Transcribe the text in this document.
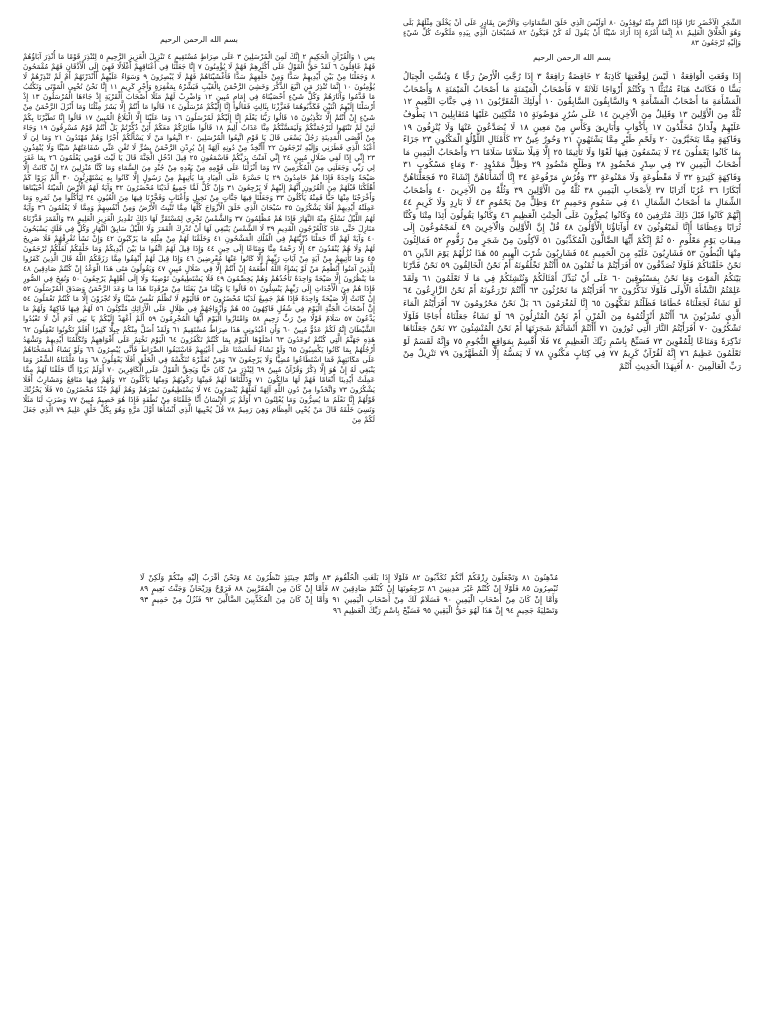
الشَّجَرِ الْأَخْضَرِ نَارًا فَإِذَا أَنْتُمْ مِنْهُ تُوقِدُونَ ٨٠ أَوَلَيْسَ الَّذِي خَلَقَ السَّمَاوَاتِ وَالْأَرْضَ بِقَادِرٍ عَلَى أَنْ يَخْلُقَ مِثْلَهُمْ بَلَى وَهُوَ الْخَلَّاقُ الْعَلِيمُ ٨١ إِنَّمَا أَمْرُهُ إِذَا أَرَادَ شَيْئًا أَنْ يَقُولَ لَهُ كُنْ فَيَكُونُ ٨٢ فَسُبْحَانَ الَّذِي بِيَدِهِ مَلَكُوتُ كُلِّ شَيْءٍ وَإِلَيْهِ تُرْجَعُونَ ٨٣

بسم الله الرحمن الرحيم

إِذَا وَقَعَتِ الْوَاقِعَةُ ١ لَيْسَ لِوَقْعَتِهَا كَاذِبَةٌ ٢ خَافِضَةٌ رَافِعَةٌ ٣ إِذَا رُجَّتِ الْأَرْضُ رَجًّا ٤ وَبُسَّتِ الْجِبَالُ بَسًّا ٥ فَكَانَتْ هَبَاءً مُنْبَثًّا ٦ وَكُنْتُمْ أَزْوَاجًا ثَلَاثَةً ٧ فَأَصْحَابُ الْمَيْمَنَةِ مَا أَصْحَابُ الْمَيْمَنَةِ ٨ وَأَصْحَابُ الْمَشْأَمَةِ مَا أَصْحَابُ الْمَشْأَمَةِ ٩ وَالسَّابِقُونَ السَّابِقُونَ ١٠ أُولَئِكَ الْمُقَرَّبُونَ ١١ فِي جَنَّاتِ النَّعِيمِ ١٢ ثُلَّةٌ مِنَ الْأَوَّلِينَ ١٣ وَقَلِيلٌ مِنَ الْآخِرِينَ ١٤ عَلَى سُرُرٍ مَوْضُونَةٍ ١٥ مُتَّكِئِينَ عَلَيْهَا مُتَقَابِلِينَ ١٦ يَطُوفُ عَلَيْهِمْ وِلْدَانٌ مُخَلَّدُونَ ١٧ بِأَكْوَابٍ وَأَبَارِيقَ وَكَأْسٍ مِنْ مَعِينٍ ١٨ لَا يُصَدَّعُونَ عَنْهَا وَلَا يُنْزِفُونَ ١٩ وَفَاكِهَةٍ مِمَّا يَتَخَيَّرُونَ ٢٠ وَلَحْمِ طَيْرٍ مِمَّا يَشْتَهُونَ ٢١ وَحُورٌ عِينٌ ٢٢ كَأَمْثَالِ اللُّؤْلُؤِ الْمَكْنُونِ ٢٣ جَزَاءً بِمَا كَانُوا يَعْمَلُونَ ٢٤ لَا يَسْمَعُونَ فِيهَا لَغْوًا وَلَا تَأْثِيمًا ٢٥ إِلَّا قِيلًا سَلَامًا سَلَامًا ٢٦ وَأَصْحَابُ الْيَمِينِ مَا أَصْحَابُ الْيَمِينِ ٢٧ فِي سِدْرٍ مَخْضُودٍ ٢٨ وَطَلْحٍ مَنْضُودٍ ٢٩ وَظِلٍّ مَمْدُودٍ ٣٠ وَمَاءٍ مَسْكُوبٍ ٣١ وَفَاكِهَةٍ كَثِيرَةٍ ٣٢ لَا مَقْطُوعَةٍ وَلَا مَمْنُوعَةٍ ٣٣ وَفُرُشٍ مَرْفُوعَةٍ ٣٤ إِنَّا أَنْشَأْنَاهُنَّ إِنْشَاءً ٣٥ فَجَعَلْنَاهُنَّ أَبْكَارًا ٣٦ عُرُبًا أَتْرَابًا ٣٧ لِأَصْحَابِ الْيَمِينِ ٣٨ ثُلَّةٌ مِنَ الْأَوَّلِينَ ٣٩ وَثُلَّةٌ مِنَ الْآخِرِينَ ٤٠ وَأَصْحَابُ الشِّمَالِ مَا أَصْحَابُ الشِّمَالِ ٤١ فِي سَمُومٍ وَحَمِيمٍ ٤٢ وَظِلٍّ مِنْ يَحْمُومٍ ٤٣ لَا بَارِدٍ وَلَا كَرِيمٍ ٤٤ إِنَّهُمْ كَانُوا قَبْلَ ذَلِكَ مُتْرَفِينَ ٤٥ وَكَانُوا يُصِرُّونَ عَلَى الْحِنْثِ الْعَظِيمِ ٤٦ وَكَانُوا يَقُولُونَ أَئِذَا مِتْنَا وَكُنَّا تُرَابًا وَعِظَامًا أَإِنَّا لَمَبْعُوثُونَ ٤٧ أَوَآبَاؤُنَا الْأَوَّلُونَ ٤٨ قُلْ إِنَّ الْأَوَّلِينَ وَالْآخِرِينَ ٤٩ لَمَجْمُوعُونَ إِلَى مِيقَاتِ يَوْمٍ مَعْلُومٍ ٥٠ ثُمَّ إِنَّكُمْ أَيُّهَا الضَّالُّونَ الْمُكَذِّبُونَ ٥١ لَآكِلُونَ مِنْ شَجَرٍ مِنْ زَقُّومٍ ٥٢ فَمَالِئُونَ مِنْهَا الْبُطُونَ ٥٣ فَشَارِبُونَ عَلَيْهِ مِنَ الْحَمِيمِ ٥٤ فَشَارِبُونَ شُرْبَ الْهِيمِ ٥٥ هَذَا نُزُلُهُمْ يَوْمَ الدِّينِ ٥٦ نَحْنُ خَلَقْنَاكُمْ فَلَوْلَا تُصَدِّقُونَ ٥٧ أَفَرَأَيْتُمْ مَا تُمْنُونَ ٥٨ أَأَنْتُمْ تَخْلُقُونَهُ أَمْ نَحْنُ الْخَالِقُونَ ٥٩ نَحْنُ قَدَّرْنَا بَيْنَكُمُ الْمَوْتَ وَمَا نَحْنُ بِمَسْبُوقِينَ ٦٠ عَلَى أَنْ نُبَدِّلَ أَمْثَالَكُمْ وَنُنْشِئَكُمْ فِي مَا لَا تَعْلَمُونَ ٦١ وَلَقَدْ عَلِمْتُمُ النَّشْأَةَ الْأُولَى فَلَوْلَا تَذَكَّرُونَ ٦٢ أَفَرَأَيْتُمْ مَا تَحْرُثُونَ ٦٣ أَأَنْتُمْ تَزْرَعُونَهُ أَمْ نَحْنُ الزَّارِعُونَ ٦٤ لَوْ نَشَاءُ لَجَعَلْنَاهُ حُطَامًا فَظَلْتُمْ تَفَكَّهُونَ ٦٥ إِنَّا لَمُغْرَمُونَ ٦٦ بَلْ نَحْنُ مَحْرُومُونَ ٦٧ أَفَرَأَيْتُمُ الْمَاءَ الَّذِي تَشْرَبُونَ ٦٨ أَأَنْتُمْ أَنْزَلْتُمُوهُ مِنَ الْمُزْنِ أَمْ نَحْنُ الْمُنْزِلُونَ ٦٩ لَوْ نَشَاءُ جَعَلْنَاهُ أُجَاجًا فَلَوْلَا تَشْكُرُونَ ٧٠ أَفَرَأَيْتُمُ النَّارَ الَّتِي تُورُونَ ٧١ أَأَنْتُمْ أَنْشَأْتُمْ شَجَرَتَهَا أَمْ نَحْنُ الْمُنْشِئُونَ ٧٢ نَحْنُ جَعَلْنَاهَا تَذْكِرَةً وَمَتَاعًا لِلْمُقْوِينَ ٧٣ فَسَبِّحْ بِاسْمِ رَبِّكَ الْعَظِيمِ ٧٤ فَلَا أُقْسِمُ بِمَوَاقِعِ النُّجُومِ ٧٥ وَإِنَّهُ لَقَسَمٌ لَوْ تَعْلَمُونَ عَظِيمٌ ٧٦ إِنَّهُ لَقُرْآنٌ كَرِيمٌ ٧٧ فِي كِتَابٍ مَكْنُونٍ ٧٨ لَا يَمَسُّهُ إِلَّا الْمُطَهَّرُونَ ٧٩ تَنْزِيلٌ مِنْ رَبِّ الْعَالَمِينَ ٨٠ أَفَبِهَذَا الْحَدِيثِ أَنْتُمْ

بسم الله الرحمن الرحيم

يس ١ وَالْقُرْآنِ الْحَكِيمِ ٢ إِنَّكَ لَمِنَ الْمُرْسَلِينَ ٣ عَلَى صِرَاطٍ مُسْتَقِيمٍ ٤ تَنْزِيلَ الْعَزِيزِ الرَّحِيمِ ٥ لِتُنْذِرَ قَوْمًا مَا أُنْذِرَ آبَاؤُهُمْ فَهُمْ غَافِلُونَ ٦ لَقَدْ حَقَّ الْقَوْلُ عَلَى أَكْثَرِهِمْ فَهُمْ لَا يُؤْمِنُونَ ٧ إِنَّا جَعَلْنَا فِي أَعْنَاقِهِمْ أَغْلَالًا فَهِيَ إِلَى الْأَذْقَانِ فَهُمْ مُقْمَحُونَ ٨ وَجَعَلْنَا مِنْ بَيْنِ أَيْدِيهِمْ سَدًّا وَمِنْ خَلْفِهِمْ سَدًّا فَأَغْشَيْنَاهُمْ فَهُمْ لَا يُبْصِرُونَ ٩ وَسَوَاءٌ عَلَيْهِمْ أَأَنْذَرْتَهُمْ أَمْ لَمْ تُنْذِرْهُمْ لَا يُؤْمِنُونَ ١٠ إِنَّمَا تُنْذِرُ مَنِ اتَّبَعَ الذِّكْرَ وَخَشِيَ الرَّحْمَنَ بِالْغَيْبِ فَبَشِّرْهُ بِمَغْفِرَةٍ وَأَجْرٍ كَرِيمٍ ١١ إِنَّا نَحْنُ نُحْيِي الْمَوْتَى وَنَكْتُبُ مَا قَدَّمُوا وَآثَارَهُمْ وَكُلَّ شَيْءٍ أَحْصَيْنَاهُ فِي إِمَامٍ مُبِينٍ ١٢ وَاضْرِبْ لَهُمْ مَثَلًا أَصْحَابَ الْقَرْيَةِ إِذْ جَاءَهَا الْمُرْسَلُونَ ١٣ إِذْ أَرْسَلْنَا إِلَيْهِمُ اثْنَيْنِ فَكَذَّبُوهُمَا فَعَزَّزْنَا بِثَالِثٍ فَقَالُوا إِنَّا إِلَيْكُمْ مُرْسَلُونَ ١٤ قَالُوا مَا أَنْتُمْ إِلَّا بَشَرٌ مِثْلُنَا وَمَا أَنْزَلَ الرَّحْمَنُ مِنْ شَيْءٍ إِنْ أَنْتُمْ إِلَّا تَكْذِبُونَ ١٥ قَالُوا رَبُّنَا يَعْلَمُ إِنَّا إِلَيْكُمْ لَمُرْسَلُونَ ١٦ وَمَا عَلَيْنَا إِلَّا الْبَلَاغُ الْمُبِينُ ١٧ قَالُوا إِنَّا تَطَيَّرْنَا بِكُمْ لَئِنْ لَمْ تَنْتَهُوا لَنَرْجُمَنَّكُمْ وَلَيَمَسَّنَّكُمْ مِنَّا عَذَابٌ أَلِيمٌ ١٨ قَالُوا طَائِرُكُمْ مَعَكُمْ أَئِنْ ذُكِّرْتُمْ بَلْ أَنْتُمْ قَوْمٌ مُسْرِفُونَ ١٩ وَجَاءَ مِنْ أَقْصَى الْمَدِينَةِ رَجُلٌ يَسْعَى قَالَ يَا قَوْمِ اتَّبِعُوا الْمُرْسَلِينَ ٢٠ اتَّبِعُوا مَنْ لَا يَسْأَلُكُمْ أَجْرًا وَهُمْ مُهْتَدُونَ ٢١ وَمَا لِيَ لَا أَعْبُدُ الَّذِي فَطَرَنِي وَإِلَيْهِ تُرْجَعُونَ ٢٢ أَأَتَّخِذُ مِنْ دُونِهِ آلِهَةً إِنْ يُرِدْنِ الرَّحْمَنُ بِضُرٍّ لَا تُغْنِ عَنِّي شَفَاعَتُهُمْ شَيْئًا وَلَا يُنْقِذُونِ ٢٣ إِنِّي إِذًا لَفِي ضَلَالٍ مُبِينٍ ٢٤ إِنِّي آمَنْتُ بِرَبِّكُمْ فَاسْمَعُونِ ٢٥ قِيلَ ادْخُلِ الْجَنَّةَ قَالَ يَا لَيْتَ قَوْمِي يَعْلَمُونَ ٢٦ بِمَا غَفَرَ لِي رَبِّي وَجَعَلَنِي مِنَ الْمُكْرَمِينَ ٢٧ وَمَا أَنْزَلْنَا عَلَى قَوْمِهِ مِنْ بَعْدِهِ مِنْ جُنْدٍ مِنَ السَّمَاءِ وَمَا كُنَّا مُنْزِلِينَ ٢٨ إِنْ كَانَتْ إِلَّا صَيْحَةً وَاحِدَةً فَإِذَا هُمْ خَامِدُونَ ٢٩ يَا حَسْرَةً عَلَى الْعِبَادِ مَا يَأْتِيهِمْ مِنْ رَسُولٍ إِلَّا كَانُوا بِهِ يَسْتَهْزِئُونَ ٣٠ أَلَمْ يَرَوْا كَمْ أَهْلَكْنَا قَبْلَهُمْ مِنَ الْقُرُونِ أَنَّهُمْ إِلَيْهِمْ لَا يَرْجِعُونَ ٣١ وَإِنْ كُلٌّ لَمَّا جَمِيعٌ لَدَيْنَا مُحْضَرُونَ ٣٢ وَآيَةٌ لَهُمُ الْأَرْضُ الْمَيْتَةُ أَحْيَيْنَاهَا وَأَخْرَجْنَا مِنْهَا حَبًّا فَمِنْهُ يَأْكُلُونَ ٣٣ وَجَعَلْنَا فِيهَا جَنَّاتٍ مِنْ نَخِيلٍ وَأَعْنَابٍ وَفَجَّرْنَا فِيهَا مِنَ الْعُيُونِ ٣٤ لِيَأْكُلُوا مِنْ ثَمَرِهِ وَمَا عَمِلَتْهُ أَيْدِيهِمْ أَفَلَا يَشْكُرُونَ ٣٥ سُبْحَانَ الَّذِي خَلَقَ الْأَزْوَاجَ كُلَّهَا مِمَّا تُنْبِتُ الْأَرْضُ وَمِنْ أَنْفُسِهِمْ وَمِمَّا لَا يَعْلَمُونَ ٣٦ وَآيَةٌ لَهُمُ اللَّيْلُ نَسْلَخُ مِنْهُ النَّهَارَ فَإِذَا هُمْ مُظْلِمُونَ ٣٧ وَالشَّمْسُ تَجْرِي لِمُسْتَقَرٍّ لَهَا ذَلِكَ تَقْدِيرُ الْعَزِيزِ الْعَلِيمِ ٣٨ وَالْقَمَرَ قَدَّرْنَاهُ مَنَازِلَ حَتَّى عَادَ كَالْعُرْجُونِ الْقَدِيمِ ٣٩ لَا الشَّمْسُ يَنْبَغِي لَهَا أَنْ تُدْرِكَ الْقَمَرَ وَلَا اللَّيْلُ سَابِقُ النَّهَارِ وَكُلٌّ فِي فَلَكٍ يَسْبَحُونَ ٤٠ وَآيَةٌ لَهُمْ أَنَّا حَمَلْنَا ذُرِّيَّتَهُمْ فِي الْفُلْكِ الْمَشْحُونِ ٤١ وَخَلَقْنَا لَهُمْ مِنْ مِثْلِهِ مَا يَرْكَبُونَ ٤٢ وَإِنْ نَشَأْ نُغْرِقْهُمْ فَلَا صَرِيخَ لَهُمْ وَلَا هُمْ يُنْقَذُونَ ٤٣ إِلَّا رَحْمَةً مِنَّا وَمَتَاعًا إِلَى حِينٍ ٤٤ وَإِذَا قِيلَ لَهُمُ اتَّقُوا مَا بَيْنَ أَيْدِيكُمْ وَمَا خَلْفَكُمْ لَعَلَّكُمْ تُرْحَمُونَ ٤٥ وَمَا تَأْتِيهِمْ مِنْ آيَةٍ مِنْ آيَاتِ رَبِّهِمْ إِلَّا كَانُوا عَنْهَا مُعْرِضِينَ ٤٦ وَإِذَا قِيلَ لَهُمْ أَنْفِقُوا مِمَّا رَزَقَكُمُ اللَّهُ قَالَ الَّذِينَ كَفَرُوا لِلَّذِينَ آمَنُوا أَنُطْعِمُ مَنْ لَوْ يَشَاءُ اللَّهُ أَطْعَمَهُ إِنْ أَنْتُمْ إِلَّا فِي ضَلَالٍ مُبِينٍ ٤٧ وَيَقُولُونَ مَتَى هَذَا الْوَعْدُ إِنْ كُنْتُمْ صَادِقِينَ ٤٨ مَا يَنْظُرُونَ إِلَّا صَيْحَةً وَاحِدَةً تَأْخُذُهُمْ وَهُمْ يَخِصِّمُونَ ٤٩ فَلَا يَسْتَطِيعُونَ تَوْصِيَةً وَلَا إِلَى أَهْلِهِمْ يَرْجِعُونَ ٥٠ وَنُفِخَ فِي الصُّورِ فَإِذَا هُمْ مِنَ الْأَجْدَاثِ إِلَى رَبِّهِمْ يَنْسِلُونَ ٥١ قَالُوا يَا وَيْلَنَا مَنْ بَعَثَنَا مِنْ مَرْقَدِنَا هَذَا مَا وَعَدَ الرَّحْمَنُ وَصَدَقَ الْمُرْسَلُونَ ٥٢ إِنْ كَانَتْ إِلَّا صَيْحَةً وَاحِدَةً فَإِذَا هُمْ جَمِيعٌ لَدَيْنَا مُحْضَرُونَ ٥٣ فَالْيَوْمَ لَا تُظْلَمُ نَفْسٌ شَيْئًا وَلَا تُجْزَوْنَ إِلَّا مَا كُنْتُمْ تَعْمَلُونَ ٥٤ إِنَّ أَصْحَابَ الْجَنَّةِ الْيَوْمَ فِي شُغُلٍ فَاكِهُونَ ٥٥ هُمْ وَأَزْوَاجُهُمْ فِي ظِلَالٍ عَلَى الْأَرَائِكِ مُتَّكِئُونَ ٥٦ لَهُمْ فِيهَا فَاكِهَةٌ وَلَهُمْ مَا يَدَّعُونَ ٥٧ سَلَامٌ قَوْلًا مِنْ رَبٍّ رَحِيمٍ ٥٨ وَامْتَازُوا الْيَوْمَ أَيُّهَا الْمُجْرِمُونَ ٥٩ أَلَمْ أَعْهَدْ إِلَيْكُمْ يَا بَنِي آدَمَ أَنْ لَا تَعْبُدُوا الشَّيْطَانَ إِنَّهُ لَكُمْ عَدُوٌّ مُبِينٌ ٦٠ وَأَنِ اعْبُدُونِي هَذَا صِرَاطٌ مُسْتَقِيمٌ ٦١ وَلَقَدْ أَضَلَّ مِنْكُمْ جِبِلًّا كَثِيرًا أَفَلَمْ تَكُونُوا تَعْقِلُونَ ٦٢ هَذِهِ جَهَنَّمُ الَّتِي كُنْتُمْ تُوعَدُونَ ٦٣ اصْلَوْهَا الْيَوْمَ بِمَا كُنْتُمْ تَكْفُرُونَ ٦٤ الْيَوْمَ نَخْتِمُ عَلَى أَفْوَاهِهِمْ وَتُكَلِّمُنَا أَيْدِيهِمْ وَتَشْهَدُ أَرْجُلُهُمْ بِمَا كَانُوا يَكْسِبُونَ ٦٥ وَلَوْ نَشَاءُ لَطَمَسْنَا عَلَى أَعْيُنِهِمْ فَاسْتَبَقُوا الصِّرَاطَ فَأَنَّى يُبْصِرُونَ ٦٦ وَلَوْ نَشَاءُ لَمَسَخْنَاهُمْ عَلَى مَكَانَتِهِمْ فَمَا اسْتَطَاعُوا مُضِيًّا وَلَا يَرْجِعُونَ ٦٧ وَمَنْ نُعَمِّرْهُ نُنَكِّسْهُ فِي الْخَلْقِ أَفَلَا يَعْقِلُونَ ٦٨ وَمَا عَلَّمْنَاهُ الشِّعْرَ وَمَا يَنْبَغِي لَهُ إِنْ هُوَ إِلَّا ذِكْرٌ وَقُرْآنٌ مُبِينٌ ٦٩ لِيُنْذِرَ مَنْ كَانَ حَيًّا وَيَحِقَّ الْقَوْلُ عَلَى الْكَافِرِينَ ٧٠ أَوَلَمْ يَرَوْا أَنَّا خَلَقْنَا لَهُمْ مِمَّا عَمِلَتْ أَيْدِينَا أَنْعَامًا فَهُمْ لَهَا مَالِكُونَ ٧١ وَذَلَّلْنَاهَا لَهُمْ فَمِنْهَا رَكُوبُهُمْ وَمِنْهَا يَأْكُلُونَ ٧٢ وَلَهُمْ فِيهَا مَنَافِعُ وَمَشَارِبُ أَفَلَا يَشْكُرُونَ ٧٣ وَاتَّخَذُوا مِنْ دُونِ اللَّهِ آلِهَةً لَعَلَّهُمْ يُنْصَرُونَ ٧٤ لَا يَسْتَطِيعُونَ نَصْرَهُمْ وَهُمْ لَهُمْ جُنْدٌ مُحْضَرُونَ ٧٥ فَلَا يَحْزُنْكَ قَوْلُهُمْ إِنَّا نَعْلَمُ مَا يُسِرُّونَ وَمَا يُعْلِنُونَ ٧٦ أَوَلَمْ يَرَ الْإِنْسَانُ أَنَّا خَلَقْنَاهُ مِنْ نُطْفَةٍ فَإِذَا هُوَ خَصِيمٌ مُبِينٌ ٧٧ وَضَرَبَ لَنَا مَثَلًا وَنَسِيَ خَلْقَهُ قَالَ مَنْ يُحْيِي الْعِظَامَ وَهِيَ رَمِيمٌ ٧٨ قُلْ يُحْيِيهَا الَّذِي أَنْشَأَهَا أَوَّلَ مَرَّةٍ وَهُوَ بِكُلِّ خَلْقٍ عَلِيمٌ ٧٩ الَّذِي جَعَلَ لَكُمْ مِنَ

مُدْهِنُونَ ٨١ وَتَجْعَلُونَ رِزْقَكُمْ أَنَّكُمْ تُكَذِّبُونَ ٨٢ فَلَوْلَا إِذَا بَلَغَتِ الْحُلْقُومَ ٨٣ وَأَنْتُمْ حِينَئِذٍ تَنْظُرُونَ ٨٤ وَنَحْنُ أَقْرَبُ إِلَيْهِ مِنْكُمْ وَلَكِنْ لَا تُبْصِرُونَ ٨٥ فَلَوْلَا إِنْ كُنْتُمْ غَيْرَ مَدِينِينَ ٨٦ تَرْجِعُونَهَا إِنْ كُنْتُمْ صَادِقِينَ ٨٧ فَأَمَّا إِنْ كَانَ مِنَ الْمُقَرَّبِينَ ٨٨ فَرَوْحٌ وَرَيْحَانٌ وَجَنَّتُ نَعِيمٍ ٨٩ وَأَمَّا إِنْ كَانَ مِنْ أَصْحَابِ الْيَمِينِ ٩٠ فَسَلَامٌ لَكَ مِنْ أَصْحَابِ الْيَمِينِ ٩١ وَأَمَّا إِنْ كَانَ مِنَ الْمُكَذِّبِينَ الضَّالِّينَ ٩٢ فَنُزُلٌ مِنْ حَمِيمٍ ٩٣ وَتَصْلِيَةُ جَحِيمٍ ٩٤ إِنَّ هَذَا لَهُوَ حَقُّ الْيَقِينِ ٩٥ فَسَبِّحْ بِاسْمِ رَبِّكَ الْعَظِيمِ ٩٦
